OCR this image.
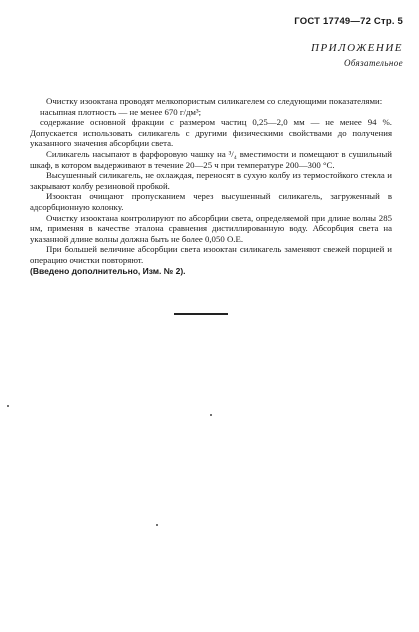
ГОСТ 17749—72 Стр. 5
ПРИЛОЖЕНИЕ
Обязательное

Очистку изооктана проводят мелкопористым силикагелем со следующими показателями:

насыпная плотность — не менее 670 г/дм³;

содержание основной фракции с размером частиц 0,25—2,0 мм — не менее 94 %. Допускается использовать силикагель с другими физическими свойствами до получения указанного значения абсорбции света.

Силикагель насыпают в фарфоровую чашку на ³/₄ вместимости и помещают в сушильный шкаф, в котором выдерживают в течение 20—25 ч при температуре 200—300 °С.

Высушенный силикагель, не охлаждая, переносят в сухую колбу из термостойкого стекла и закрывают колбу резиновой пробкой.

Изооктан очищают пропусканием через высушенный силикагель, загруженный в адсорбционную колонку.

Очистку изооктана контролируют по абсорбции света, определяемой при длине волны 285 нм, применяя в качестве эталона сравнения дистиллированную воду. Абсорбция света на указанной длине волны должна быть не более 0,050 О.Е.

При большей величине абсорбции света изооктан силикагель заменяют свежей порцией и операцию очистки повторяют.

(Введено дополнительно, Изм. № 2).
